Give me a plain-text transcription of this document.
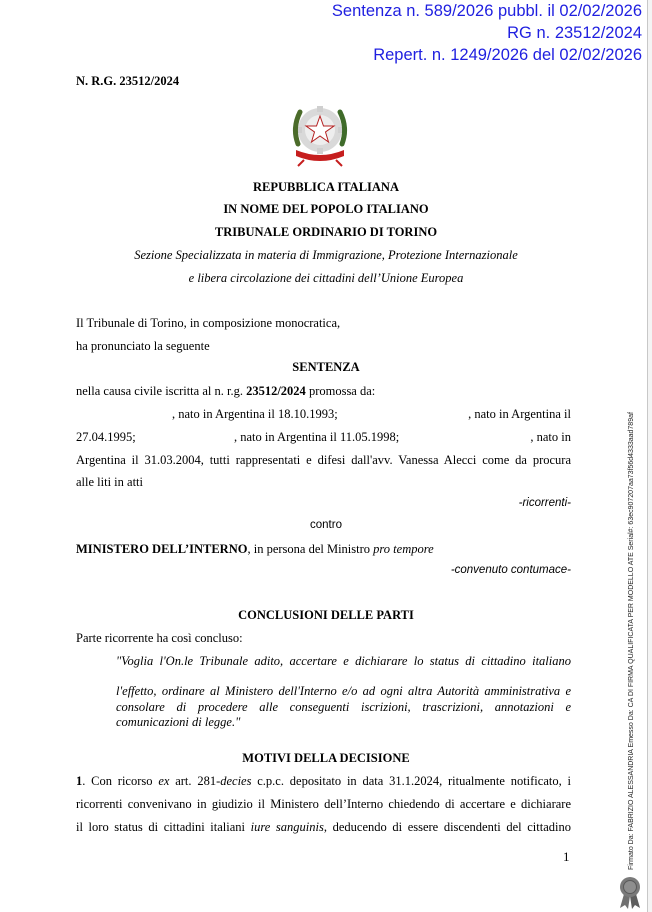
Sentenza n. 589/2026 pubbl. il 02/02/2026
RG n. 23512/2024
Repert. n. 1249/2026 del 02/02/2026
N. R.G. 23512/2024
REPUBBLICA ITALIANA
IN NOME DEL POPOLO ITALIANO
TRIBUNALE ORDINARIO DI TORINO
Sezione Specializzata in materia di Immigrazione, Protezione Internazionale
e libera circolazione dei cittadini dell’Unione Europea
Il Tribunale di Torino, in composizione monocratica,
ha pronunciato la seguente
SENTENZA
nella causa civile iscritta al n. r.g. 23512/2024 promossa da:
, nato in Argentina il 18.10.1993;	, nato in Argentina il
27.04.1995;	, nato in Argentina il 11.05.1998;	, nato in
Argentina il 31.03.2004, tutti rappresentati e difesi dall'avv. Vanessa Alecci come da procura
alle liti in atti
-ricorrenti-
contro
MINISTERO DELL’INTERNO, in persona del Ministro pro tempore
-convenuto contumace-
CONCLUSIONI DELLE PARTI
Parte ricorrente ha così concluso:
"Voglia l'On.le Tribunale adito, accertare e dichiarare lo status di cittadino italiano
l'effetto, ordinare al Ministero dell'Interno e/o ad ogni altra Autorità amministrativa e consolare di procedere alle conseguenti iscrizioni, trascrizioni, annotazioni e comunicazioni di legge."
MOTIVI DELLA DECISIONE
1. Con ricorso ex art. 281-decies c.p.c. depositato in data 31.1.2024, ritualmente notificato, i
ricorrenti convenivano in giudizio il Ministero dell’Interno chiedendo di accertare e dichiarare
il loro status di cittadini italiani iure sanguinis, deducendo di essere discendenti del cittadino
1	Firmato Da: FABRIZIO ALESSANDRIA Emesso Da: CA DI FIRMA QUALIFICATA PER MODELLO ATE Serial#: 63ec907207aa73f56d4333aad789af
